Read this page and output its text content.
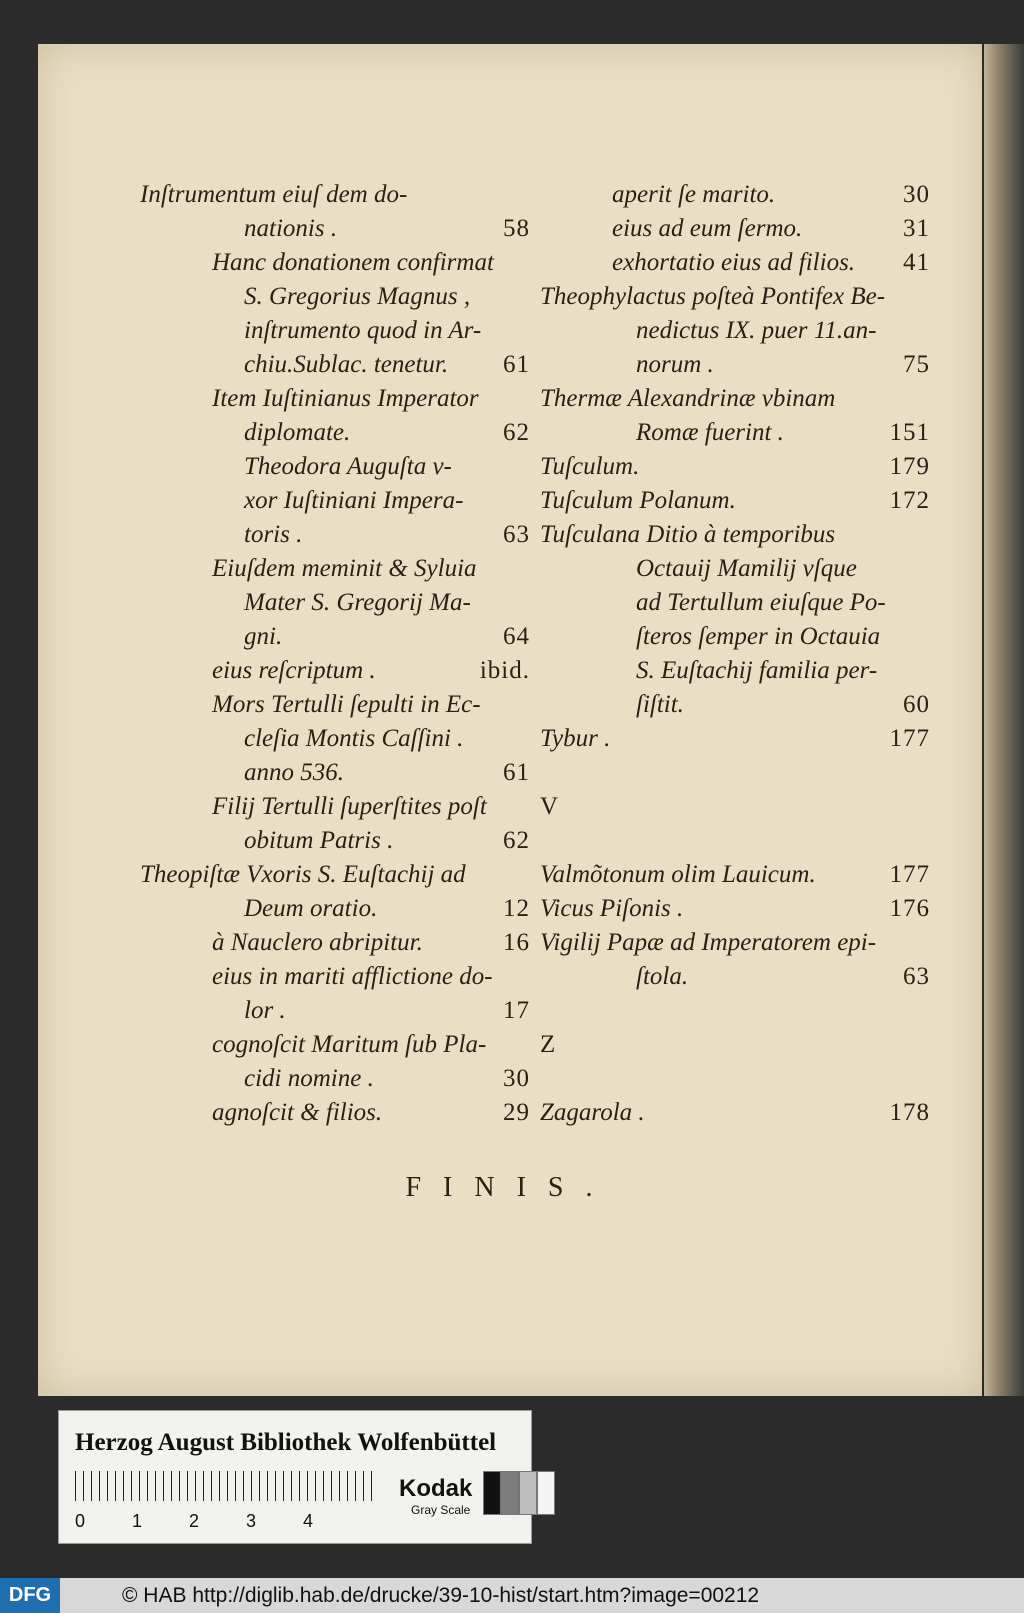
Inſtrumentum eiuſ dem do-
nationis .	58
Hanc donationem confirmat
S. Gregorius Magnus ,
inſtrumento quod in Ar-
chiu.Sublac. tenetur. 61
Item Iuſtinianus Imperator
diplomate.	62
Theodora Auguſta v-
xor Iuſtiniani Impera-
toris .	63
Eiuſdem meminit & Syluia
Mater S. Gregorij Ma-
gni.	64
eius reſcriptum .	ibid.
Mors Tertulli ſepulti in Ec-
cleſia Montis Caſſini .
anno 536.	61
Filij Tertulli ſuperſtites poſt
obitum Patris .	62
Theopiſtæ Vxoris S. Euſtachij ad
Deum oratio.	12
à Nauclero abripitur.	16
eius in mariti afflictione do-
lor .	17
cognoſcit Maritum ſub Pla-
cidi nomine .	30
agnoſcit & filios.	29
aperit ſe marito.	30
eius ad eum ſermo.	31
exhortatio eius ad filios. 41
Theophylactus poſteà Pontifex Be-
nedictus IX. puer 11.an-
norum .	75
Thermæ Alexandrinæ vbinam
Romæ fuerint .	151
Tuſculum.	179
Tuſculum Polanum.	172
Tuſculana Ditio à temporibus
Octauij Mamilij vſque
ad Tertullum eiuſque Po-
ſteros ſemper in Octauia
S. Euſtachij familia per-
ſiſtit.	60
Tybur .	177
V
Valmõtonum olim Lauicum.	177
Vicus Piſonis .	176
Vigilij Papæ ad Imperatorem epi-
ſtola.	63
Z
Zagarola .	178
FINIS.
Herzog August Bibliothek Wolfenbüttel
0	1	2	3	4
Kodak
Gray Scale
DFG	© HAB http://diglib.hab.de/drucke/39-10-hist/start.htm?image=00212
